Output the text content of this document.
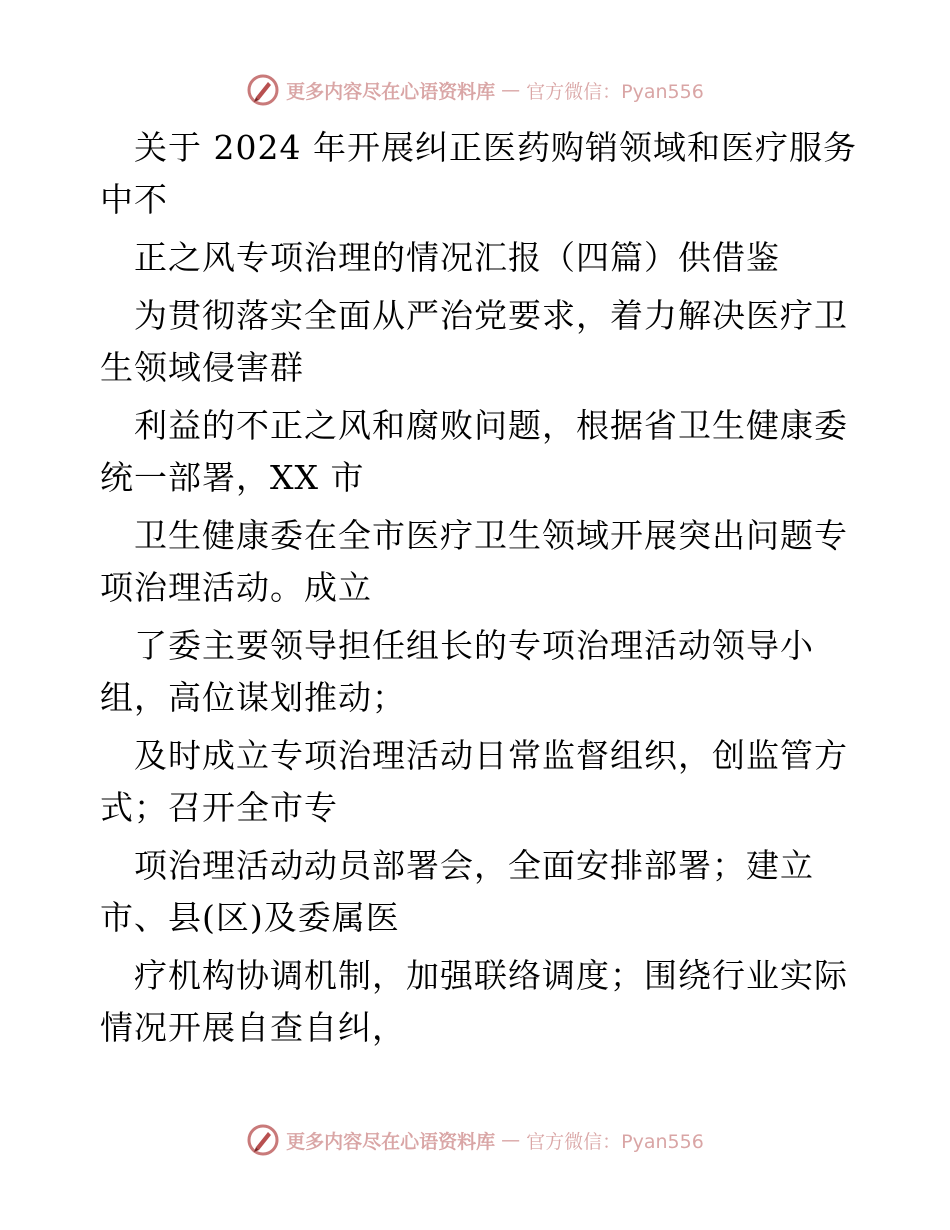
更多内容尽在心语资料库 — 官方微信：Pyan556
关于 2024 年开展纠正医药购销领域和医疗服务
中不
正之风专项治理的情况汇报（四篇）供借鉴
为贯彻落实全面从严治党要求，着力解决医疗卫
生领域侵害群
利益的不正之风和腐败问题，根据省卫生健康委
统一部署，XX 市
卫生健康委在全市医疗卫生领域开展突出问题专
项治理活动。成立
了委主要领导担任组长的专项治理活动领导小
组，高位谋划推动；
及时成立专项治理活动日常监督组织，创监管方
式；召开全市专
项治理活动动员部署会，全面安排部署；建立
市、县(区)及委属医
疗机构协调机制，加强联络调度；围绕行业实际
情况开展自查自纠，
更多内容尽在心语资料库 — 官方微信：Pyan556
